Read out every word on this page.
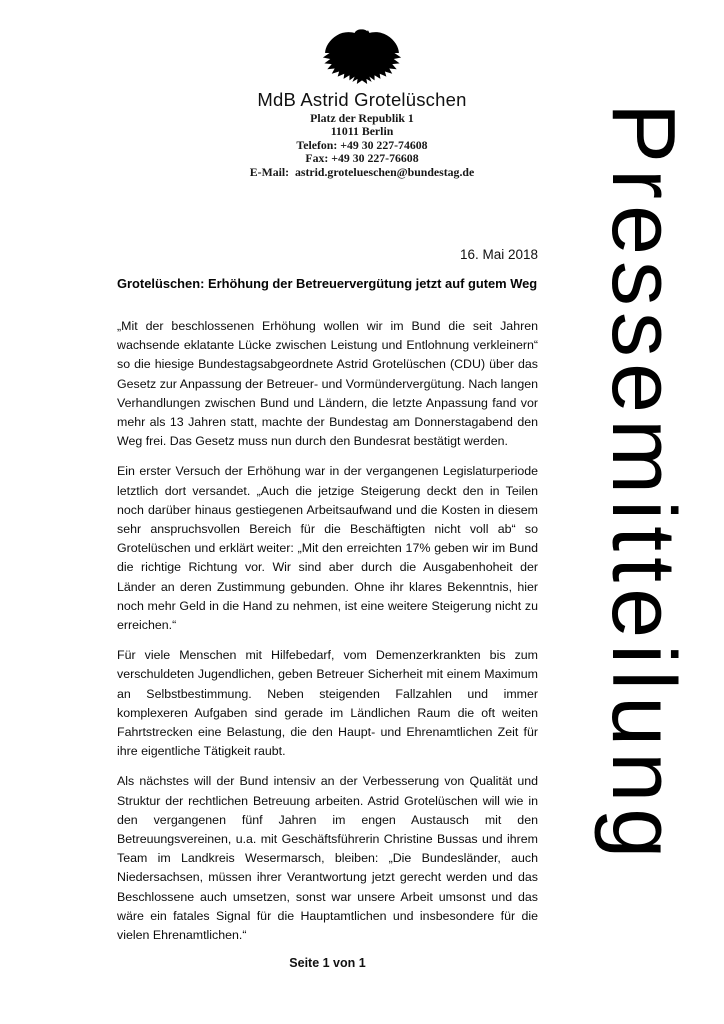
MdB Astrid Grotelüschen
Platz der Republik 1
11011 Berlin
Telefon: +49 30 227-74608
Fax: +49 30 227-76608
E-Mail:  astrid.grotelueschen@bundestag.de	Pressemitteilung
16. Mai 2018
Grotelüschen: Erhöhung der Betreuervergütung jetzt auf gutem Weg

„Mit der beschlossenen Erhöhung wollen wir im Bund die seit Jahren wachsende eklatante Lücke zwischen Leistung und Entlohnung verkleinern“ so die hiesige Bundestagsabgeordnete Astrid Grotelüschen (CDU) über das Gesetz zur Anpassung der Betreuer- und Vormündervergütung. Nach langen Verhandlungen zwischen Bund und Ländern, die letzte Anpassung fand vor mehr als 13 Jahren statt, machte der Bundestag am Donnerstagabend den Weg frei. Das Gesetz muss nun durch den Bundesrat bestätigt werden.

Ein erster Versuch der Erhöhung war in der vergangenen Legislaturperiode letztlich dort versandet. „Auch die jetzige Steigerung deckt den in Teilen noch darüber hinaus gestiegenen Arbeitsaufwand und die Kosten in diesem sehr anspruchsvollen Bereich für die Beschäftigten nicht voll ab“ so Grotelüschen und erklärt weiter: „Mit den erreichten 17% geben wir im Bund die richtige Richtung vor. Wir sind aber durch die Ausgabenhoheit der Länder an deren Zustimmung gebunden. Ohne ihr klares Bekenntnis, hier noch mehr Geld in die Hand zu nehmen, ist eine weitere Steigerung nicht zu erreichen.“

Für viele Menschen mit Hilfebedarf, vom Demenzerkrankten bis zum verschuldeten Jugendlichen, geben Betreuer Sicherheit mit einem Maximum an Selbstbestimmung. Neben steigenden Fallzahlen und immer komplexeren Aufgaben sind gerade im Ländlichen Raum die oft weiten Fahrtstrecken eine Belastung, die den Haupt- und Ehrenamtlichen Zeit für ihre eigentliche Tätigkeit raubt.

Als nächstes will der Bund intensiv an der Verbesserung von Qualität und Struktur der rechtlichen Betreuung arbeiten. Astrid Grotelüschen will wie in den vergangenen fünf Jahren im engen Austausch mit den Betreuungsvereinen, u.a. mit Geschäftsführerin Christine Bussas und ihrem Team im Landkreis Wesermarsch, bleiben: „Die Bundesländer, auch Niedersachsen, müssen ihrer Verantwortung jetzt gerecht werden und das Beschlossene auch umsetzen, sonst war unsere Arbeit umsonst und das wäre ein fatales Signal für die Hauptamtlichen und insbesondere für die vielen Ehrenamtlichen.“

Seite 1 von 1
